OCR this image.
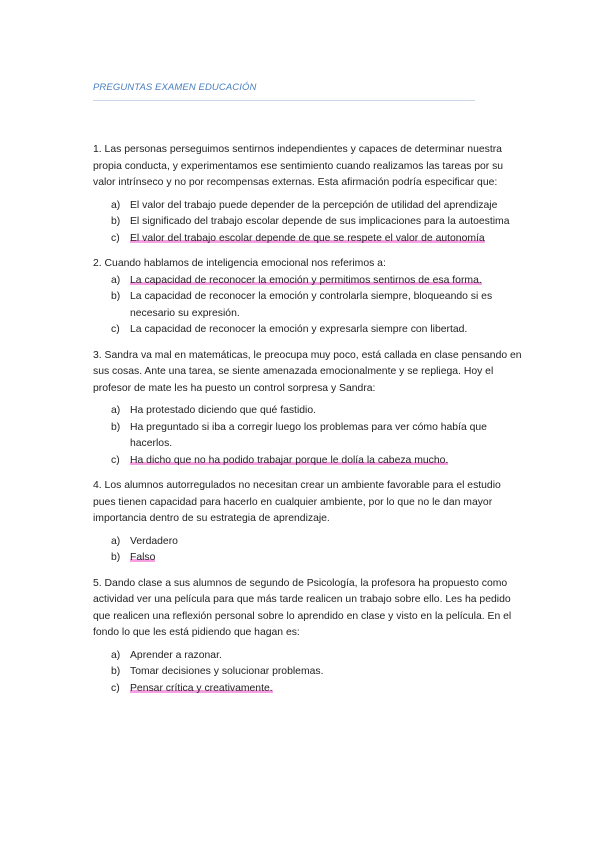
PREGUNTAS EXAMEN EDUCACIÓN

1. Las personas perseguimos sentirnos independientes y capaces de determinar nuestra propia conducta, y experimentamos ese sentimiento cuando realizamos las tareas por su valor intrínseco y no por recompensas externas. Esta afirmación podría especificar que:

a) El valor del trabajo puede depender de la percepción de utilidad del aprendizaje
b) El significado del trabajo escolar depende de sus implicaciones para la autoestima
c) El valor del trabajo escolar depende de que se respete el valor de autonomía

2. Cuando hablamos de inteligencia emocional nos referimos a:

a) La capacidad de reconocer la emoción y permitimos sentirnos de esa forma.
b) La capacidad de reconocer la emoción y controlarla siempre, bloqueando si es necesario su expresión.
c) La capacidad de reconocer la emoción y expresarla siempre con libertad.

3. Sandra va mal en matemáticas, le preocupa muy poco, está callada en clase pensando en sus cosas. Ante una tarea, se siente amenazada emocionalmente y se repliega. Hoy el profesor de mate les ha puesto un control sorpresa y Sandra:

a) Ha protestado diciendo que qué fastidio.
b) Ha preguntado si iba a corregir luego los problemas para ver cómo había que hacerlos.
c) Ha dicho que no ha podido trabajar porque le dolía la cabeza mucho.

4. Los alumnos autorregulados no necesitan crear un ambiente favorable para el estudio pues tienen capacidad para hacerlo en cualquier ambiente, por lo que no le dan mayor importancia dentro de su estrategia de aprendizaje.

a) Verdadero
b) Falso

5. Dando clase a sus alumnos de segundo de Psicología, la profesora ha propuesto como actividad ver una película para que más tarde realicen un trabajo sobre ello. Les ha pedido que realicen una reflexión personal sobre lo aprendido en clase y visto en la película. En el fondo lo que les está pidiendo que hagan es:

a) Aprender a razonar.
b) Tomar decisiones y solucionar problemas.
c) Pensar crítica y creativamente.
